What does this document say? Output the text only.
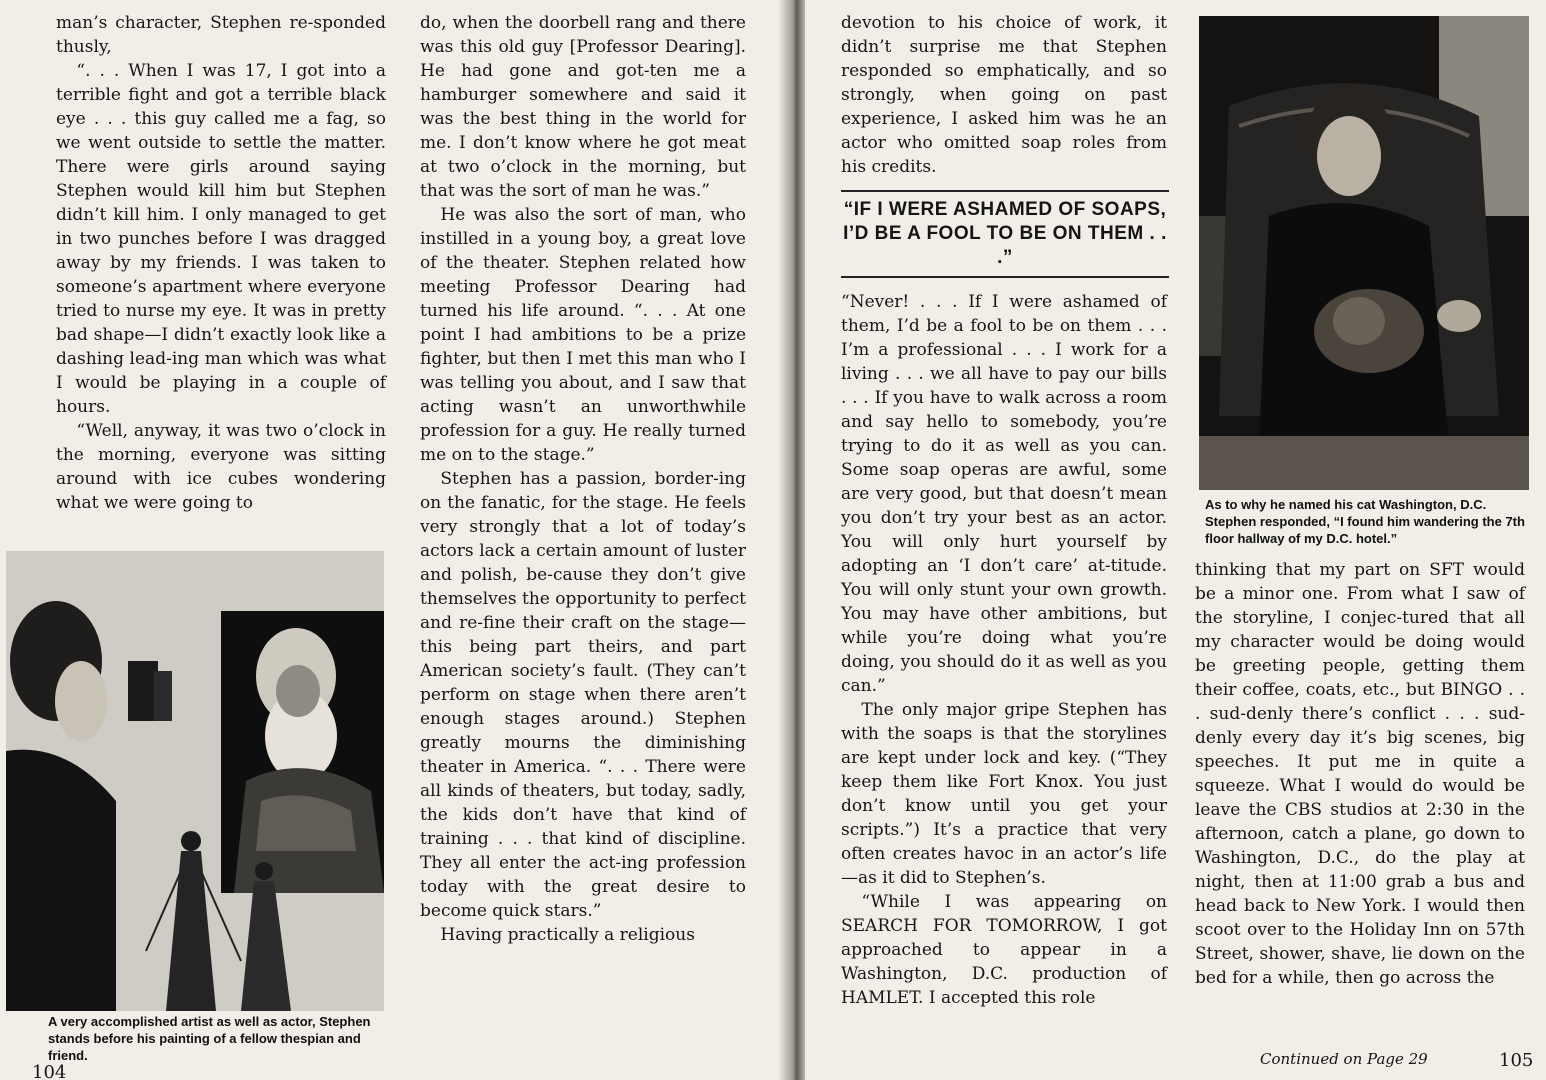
man’s character, Stephen re-sponded thusly,

“. . . When I was 17, I got into a terrible fight and got a terrible black eye . . . this guy called me a fag, so we went outside to settle the matter. There were girls around saying Stephen would kill him but Stephen didn’t kill him. I only managed to get in two punches before I was dragged away by my friends. I was taken to someone’s apartment where everyone tried to nurse my eye. It was in pretty bad shape—I didn’t exactly look like a dashing lead-ing man which was what I would be playing in a couple of hours.

“Well, anyway, it was two o’clock in the morning, everyone was sitting around with ice cubes wondering what we were going to

do, when the doorbell rang and there was this old guy [Professor Dearing]. He had gone and got-ten me a hamburger somewhere and said it was the best thing in the world for me. I don’t know where he got meat at two o’clock in the morning, but that was the sort of man he was.”

He was also the sort of man, who instilled in a young boy, a great love of the theater. Stephen related how meeting Professor Dearing had turned his life around. “. . . At one point I had ambitions to be a prize fighter, but then I met this man who I was telling you about, and I saw that acting wasn’t an unworthwhile profession for a guy. He really turned me on to the stage.”

Stephen has a passion, border-ing on the fanatic, for the stage. He feels very strongly that a lot of today’s actors lack a certain amount of luster and polish, be-cause they don’t give themselves the opportunity to perfect and re-fine their craft on the stage—this being part theirs, and part American society’s fault. (They can’t perform on stage when there aren’t enough stages around.) Stephen greatly mourns the diminishing theater in America. “. . . There were all kinds of theaters, but today, sadly, the kids don’t have that kind of training . . . that kind of discipline. They all enter the act-ing profession today with the great desire to become quick stars.”

Having practically a religious

A very accomplished artist as well as actor, Stephen stands before his painting of a fellow thespian and friend.
104

devotion to his choice of work, it didn’t surprise me that Stephen responded so emphatically, and so strongly, when going on past experience, I asked him was he an actor who omitted soap roles from his credits.

“IF I WERE ASHAMED OF SOAPS, I’D BE A FOOL TO BE ON THEM . . .”

“Never! . . . If I were ashamed of them, I’d be a fool to be on them . . . I’m a professional . . . I work for a living . . . we all have to pay our bills . . . If you have to walk across a room and say hello to somebody, you’re trying to do it as well as you can. Some soap operas are awful, some are very good, but that doesn’t mean you don’t try your best as an actor. You will only hurt yourself by adopting an ‘I don’t care’ at-titude. You will only stunt your own growth. You may have other ambitions, but while you’re doing what you’re doing, you should do it as well as you can.”

The only major gripe Stephen has with the soaps is that the storylines are kept under lock and key. (“They keep them like Fort Knox. You just don’t know until you get your scripts.”) It’s a practice that very often creates havoc in an actor’s life—as it did to Stephen’s.

“While I was appearing on SEARCH FOR TOMORROW, I got approached to appear in a Washington, D.C. production of HAMLET. I accepted this role

As to why he named his cat Washington, D.C. Stephen responded, “I found him wandering the 7th floor hallway of my D.C. hotel.”

thinking that my part on SFT would be a minor one. From what I saw of the storyline, I conjec-tured that all my character would be doing would be greeting people, getting them their coffee, coats, etc., but BINGO . . . sud-denly there’s conflict . . . sud-denly every day it’s big scenes, big speeches. It put me in quite a squeeze. What I would do would be leave the CBS studios at 2:30 in the afternoon, catch a plane, go down to Washington, D.C., do the play at night, then at 11:00 grab a bus and head back to New York. I would then scoot over to the Holiday Inn on 57th Street, shower, shave, lie down on the bed for a while, then go across the

Continued on Page 29	105
